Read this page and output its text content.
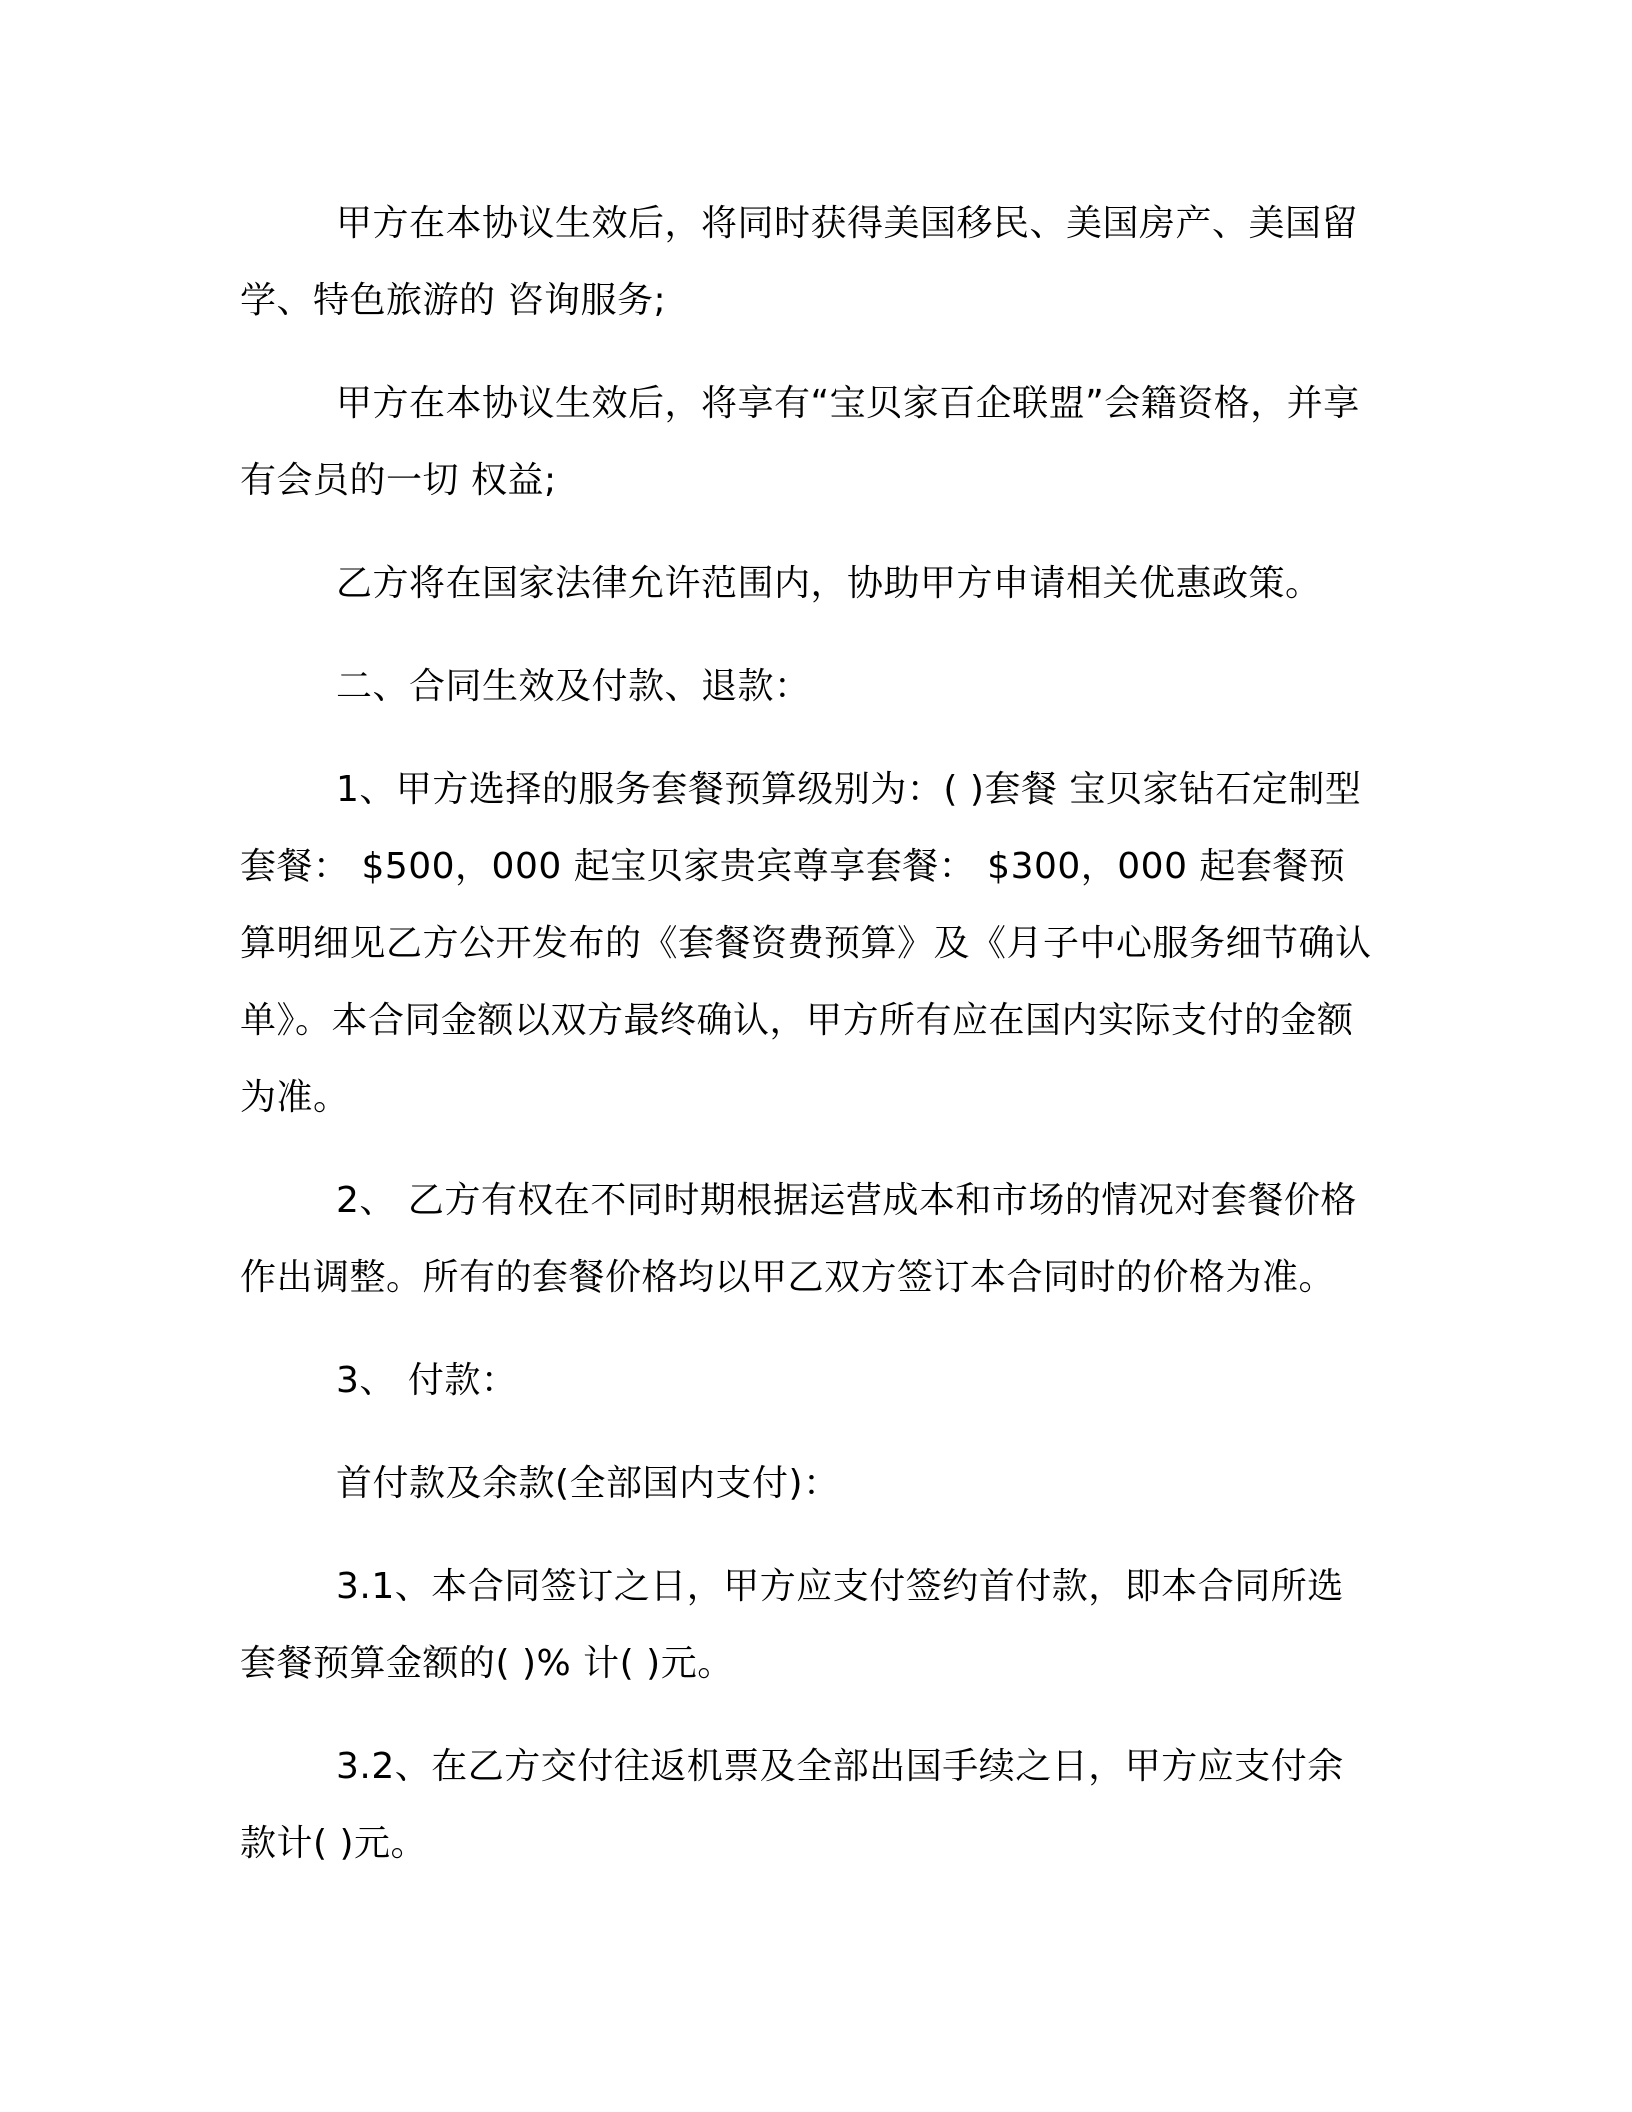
甲方在本协议生效后，将同时获得美国移民、美国房产、美国留学、特色旅游的 咨询服务;

甲方在本协议生效后，将享有“宝贝家百企联盟”会籍资格，并享有会员的一切 权益;

乙方将在国家法律允许范围内，协助甲方申请相关优惠政策。

二、合同生效及付款、退款：

1、甲方选择的服务套餐预算级别为：( )套餐 宝贝家钻石定制型套餐： $500，000 起宝贝家贵宾尊享套餐： $300，000 起套餐预算明细见乙方公开发布的《套餐资费预算》及《月子中心服务细节确认单》。本合同金额以双方最终确认，甲方所有应在国内实际支付的金额为准。

2、 乙方有权在不同时期根据运营成本和市场的情况对套餐价格作出调整。所有的套餐价格均以甲乙双方签订本合同时的价格为准。

3、 付款：

首付款及余款(全部国内支付)：

3.1、本合同签订之日，甲方应支付签约首付款，即本合同所选套餐预算金额的( )% 计( )元。

3.2、在乙方交付往返机票及全部出国手续之日，甲方应支付余款计( )元。
